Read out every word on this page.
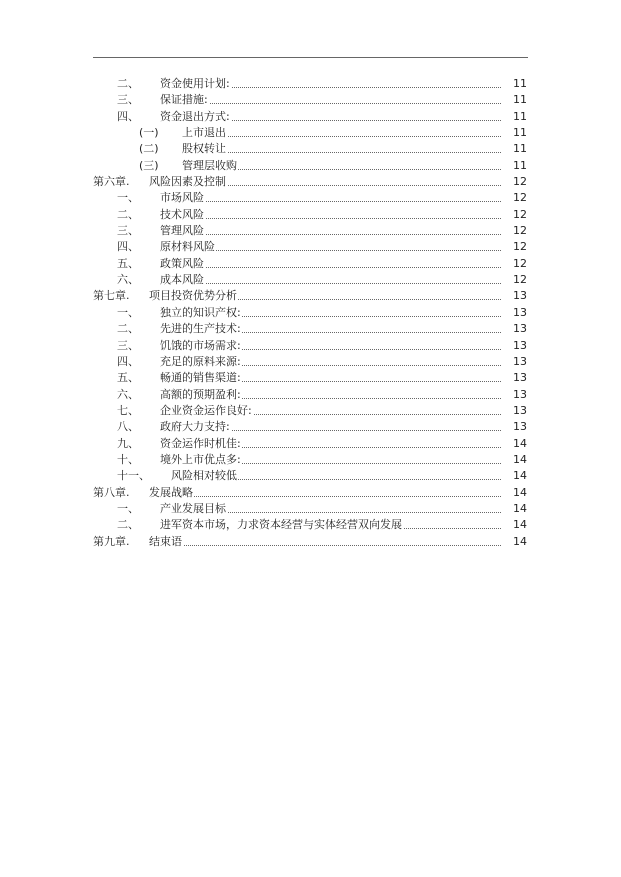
二、 资金使用计划:	11
三、 保证措施:	11
四、 资金退出方式:	11
(一) 上市退出	11
(二) 股权转让	11
(三) 管理层收购	11
第六章. 风险因素及控制	12
一、 市场风险	12
二、 技术风险	12
三、 管理风险	12
四、 原材料风险	12
五、 政策风险	12
六、 成本风险	12
第七章. 项目投资优势分析	13
一、 独立的知识产权:	13
二、 先进的生产技术:	13
三、 饥饿的市场需求:	13
四、 充足的原料来源:	13
五、 畅通的销售渠道:	13
六、 高额的预期盈利:	13
七、 企业资金运作良好:	13
八、 政府大力支持:	13
九、 资金运作时机佳:	14
十、 境外上市优点多:	14
十一、 风险相对较低	14
第八章. 发展战略	14
一、 产业发展目标	14
二、 进军资本市场，力求资本经营与实体经营双向发展	14
第九章. 结束语	14
